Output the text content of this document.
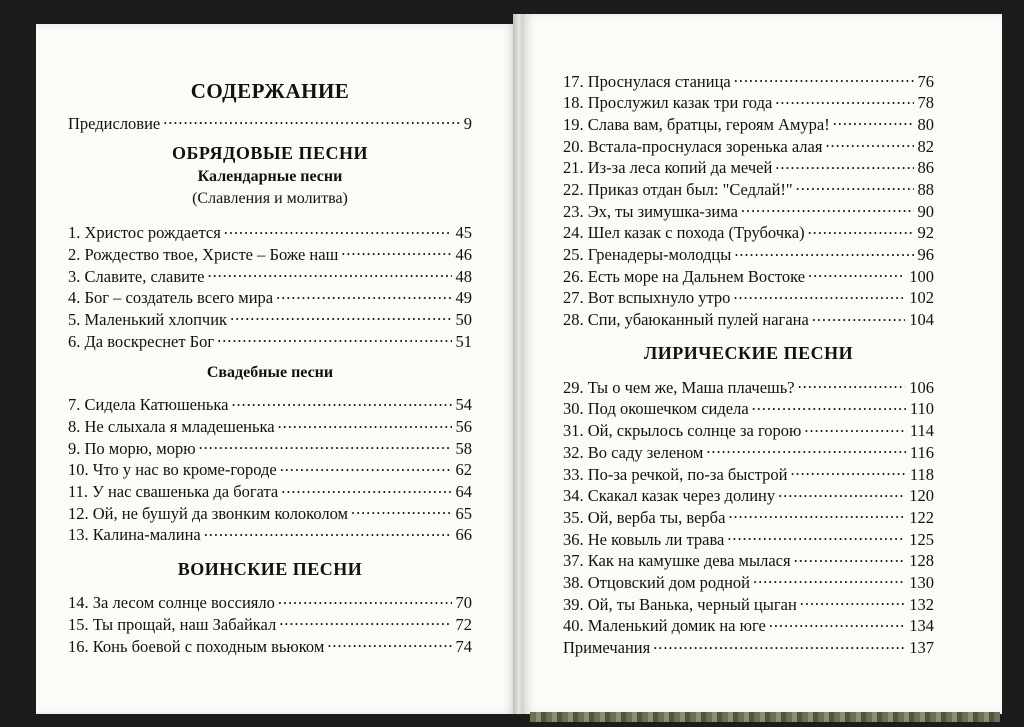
СОДЕРЖАНИЕ
Предисловие . . .	9
ОБРЯДОВЫЕ ПЕСНИ
Календарные песни
(Славления и молитва)
1. Христос рождается . . .	45
2. Рождество твое, Христе – Боже наш . . .	46
3. Славите, славите . . .	48
4. Бог – создатель всего мира . . .	49
5. Маленький хлопчик . . .	50
6. Да воскреснет Бог . . .	51
Свадебные песни
7. Сидела Катюшенька . . .	54
8. Не слыхала я младешенька . . .	56
9. По морю, морю . . .	58
10. Что у нас во кроме-городе . . .	62
11. У нас свашенька да богата . . .	64
12. Ой, не бушуй да звонким колоколом . . .	65
13. Калина-малина . . .	66
ВОИНСКИЕ ПЕСНИ
14. За лесом солнце воссияло . . .	70
15. Ты прощай, наш Забайкал . . .	72
16. Конь боевой с походным вьюком . . .	74
17. Проснулася станица . . .	76
18. Прослужил казак три года . . .	78
19. Слава вам, братцы, героям Амура! . . .	80
20. Встала-проснулася зоренька алая . . .	82
21. Из-за леса копий да мечей . . .	86
22. Приказ отдан был: "Седлай!" . . .	88
23. Эх, ты зимушка-зима . . .	90
24. Шел казак с похода (Трубочка) . . .	92
25. Гренадеры-молодцы . . .	96
26. Есть море на Дальнем Востоке . . .	100
27. Вот вспыхнуло утро . . .	102
28. Спи, убаюканный пулей нагана . . .	104
ЛИРИЧЕСКИЕ ПЕСНИ
29. Ты о чем же, Маша плачешь? . . .	106
30. Под окошечком сидела . . .	110
31. Ой, скрылось солнце за горою . . .	114
32. Во саду зеленом . . .	116
33. По-за речкой, по-за быстрой . . .	118
34. Скакал казак через долину . . .	120
35. Ой, верба ты, верба . . .	122
36. Не ковыль ли трава . . .	125
37. Как на камушке дева мылася . . .	128
38. Отцовский дом родной . . .	130
39. Ой, ты Ванька, черный цыган . . .	132
40. Маленький домик на юге . . .	134
Примечания . . .	137
